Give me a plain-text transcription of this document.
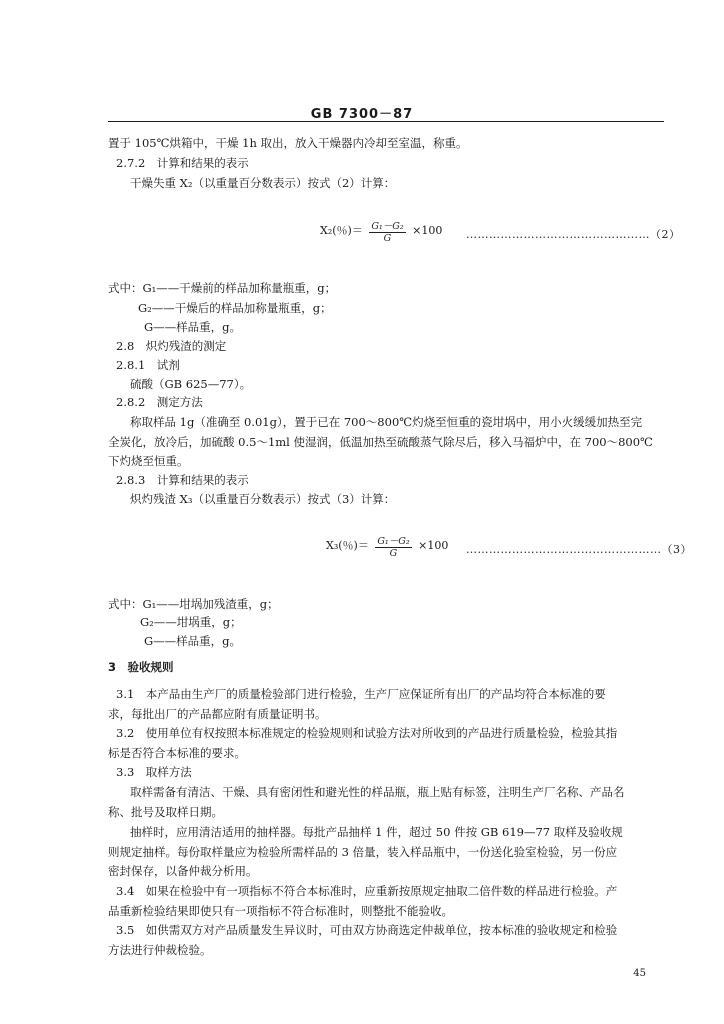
GB 7300－87
置于 105℃烘箱中，干燥 1h 取出，放入干燥器内冷却至室温，称重。
2.7.2　计算和结果的表示
干燥失重 X₂（以重量百分数表示）按式（2）计算：
X₂(％)＝ $\frac{\text{G₁－G₂}}{G} \times 100$ …………………………………………（2）
式中：G₁——干燥前的样品加称量瓶重，g；
G₂——干燥后的样品加称量瓶重，g；
G——样品重，g。
2.8　炽灼残渣的测定
2.8.1　试剂
硫酸（GB 625—77）。
2.8.2　测定方法
称取样品 1g（准确至 0.01g），置于已在 700～800℃灼烧至恒重的瓷坩埚中，用小火缓缓加热至完
全炭化，放冷后，加硫酸 0.5～1ml 使湿润，低温加热至硫酸蒸气除尽后，移入马福炉中，在 700～800℃
下灼烧至恒重。
2.8.3　计算和结果的表示
炽灼残渣 X₃（以重量百分数表示）按式（3）计算：
X₃(％)＝ $\frac{\text{G₁－G₂}}{G} \times 100$ ……………………………………………（3）
式中：G₁——坩埚加残渣重，g；
G₂——坩埚重，g；
G——样品重，g。
3　验收规则
3.1　本产品由生产厂的质量检验部门进行检验，生产厂应保证所有出厂的产品均符合本标准的要
求，每批出厂的产品都应附有质量证明书。
3.2　使用单位有权按照本标准规定的检验规则和试验方法对所收到的产品进行质量检验，检验其指
标是否符合本标准的要求。
3.3　取样方法
取样需备有清洁、干燥、具有密闭性和避光性的样品瓶，瓶上贴有标签，注明生产厂名称、产品名
称、批号及取样日期。
抽样时，应用清洁适用的抽样器。每批产品抽样 1 件，超过 50 件按 GB 619—77 取样及验收规
则规定抽样。每份取样量应为检验所需样品的 3 倍量，装入样品瓶中，一份送化验室检验，另一份应
密封保存，以备仲裁分析用。
3.4　如果在检验中有一项指标不符合本标准时，应重新按原规定抽取二倍件数的样品进行检验。产
品重新检验结果即使只有一项指标不符合标准时，则整批不能验收。
3.5　如供需双方对产品质量发生异议时，可由双方协商选定仲裁单位，按本标准的验收规定和检验
方法进行仲裁检验。
45
